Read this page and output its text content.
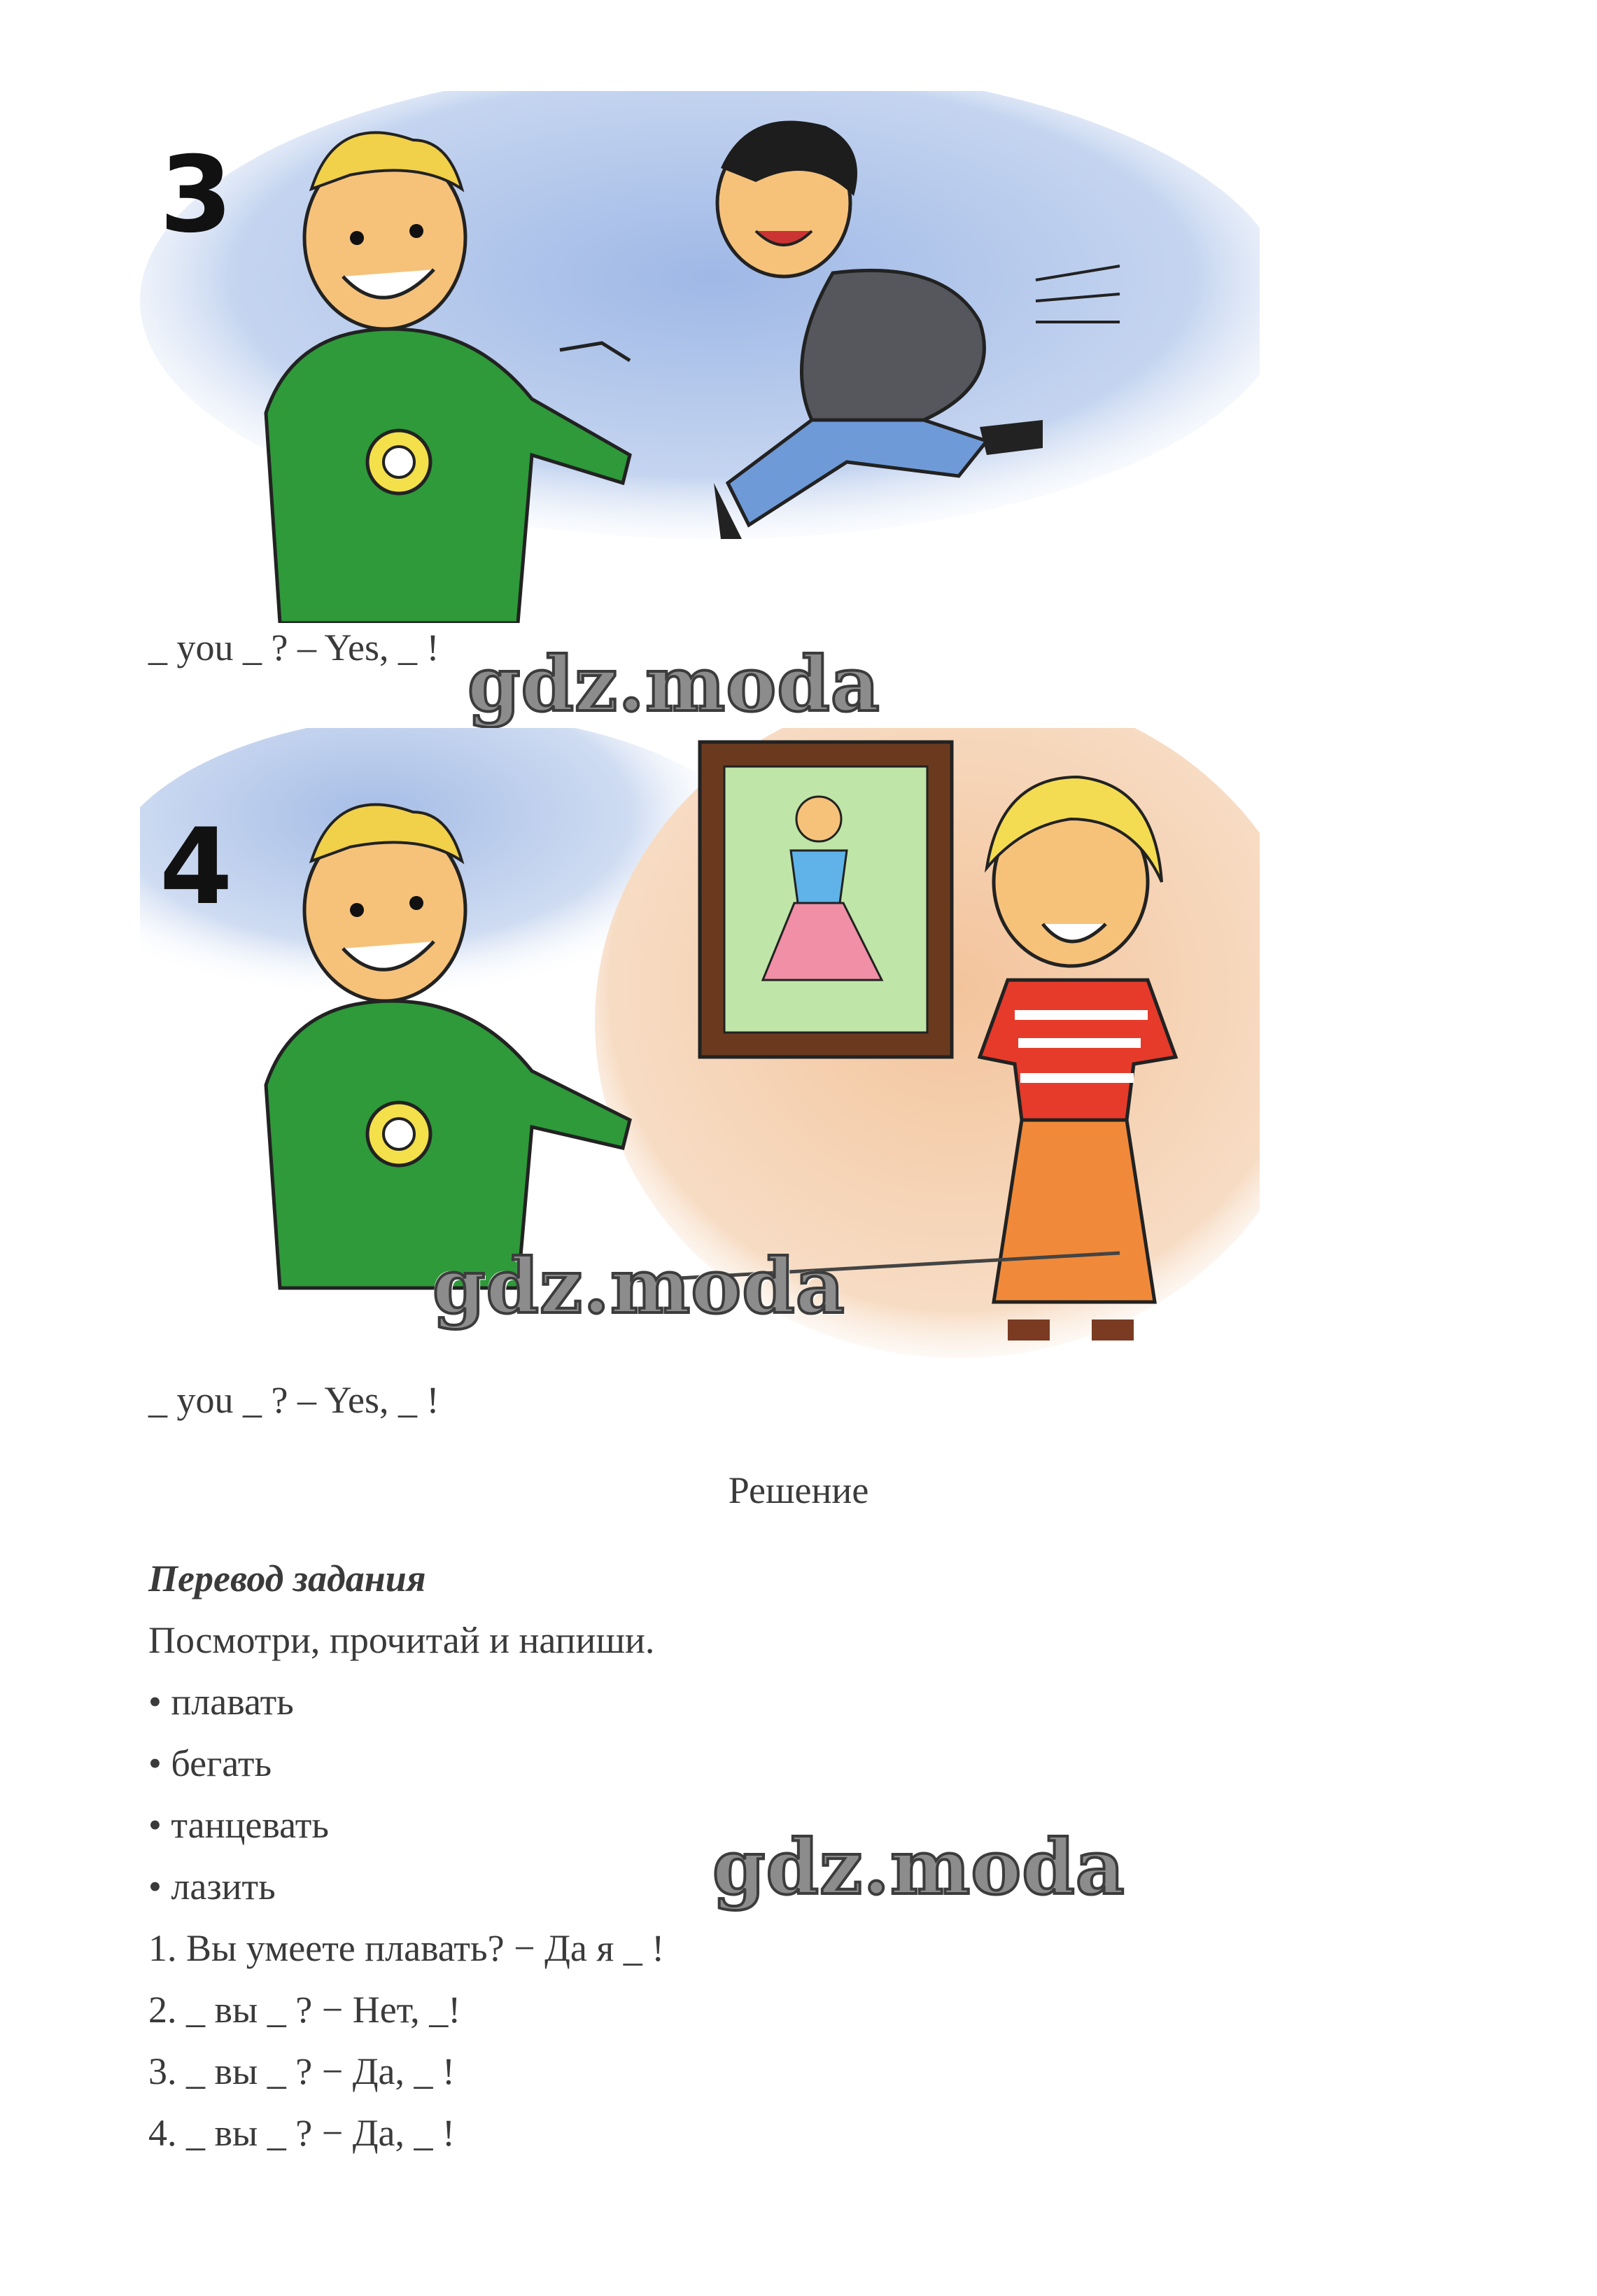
3
_ you _ ? – Yes, _ ! gdz.moda
4
gdz.moda
_ you _ ? – Yes, _ !
Решение
Перевод задания
Посмотри, прочитай и напиши.
• плавать
• бегать
• танцевать
• лазить	gdz.moda
1. Вы умеете плавать? − Да я _ !
2. _ вы _ ? − Нет, _!
3. _ вы _ ? − Да, _ !
4. _ вы _ ? − Да, _ !
